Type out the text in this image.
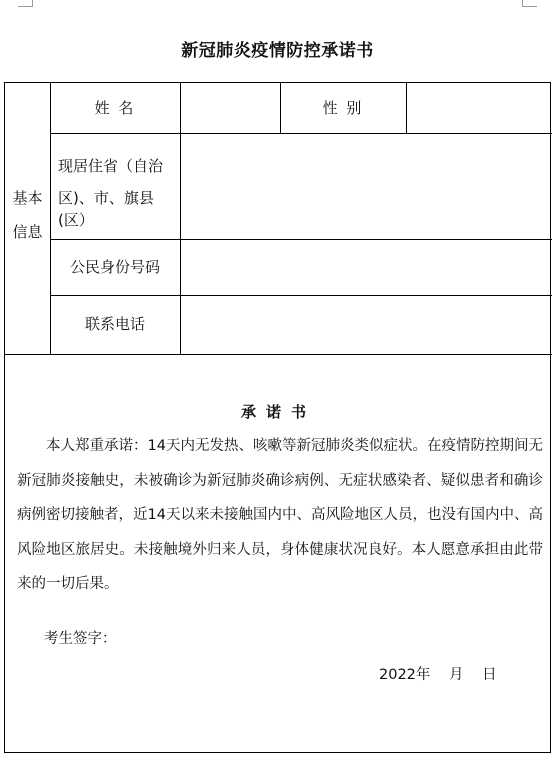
新冠肺炎疫情防控承诺书
基本
信息
姓 名	性 别
现居住省（自治
区)、市、旗县(区）
公民身份号码
联系电话
承诺书
本人郑重承诺：14天内无发热、咳嗽等新冠肺炎类似症状。在疫情防控期间无新冠肺炎接触史，未被确诊为新冠肺炎确诊病例、无症状感染者、疑似患者和确诊病例密切接触者，近14天以来未接触国内中、高风险地区人员，也没有国内中、高风险地区旅居史。未接触境外归来人员，身体健康状况良好。本人愿意承担由此带来的一切后果。
考生签字：
2022年 月 日
